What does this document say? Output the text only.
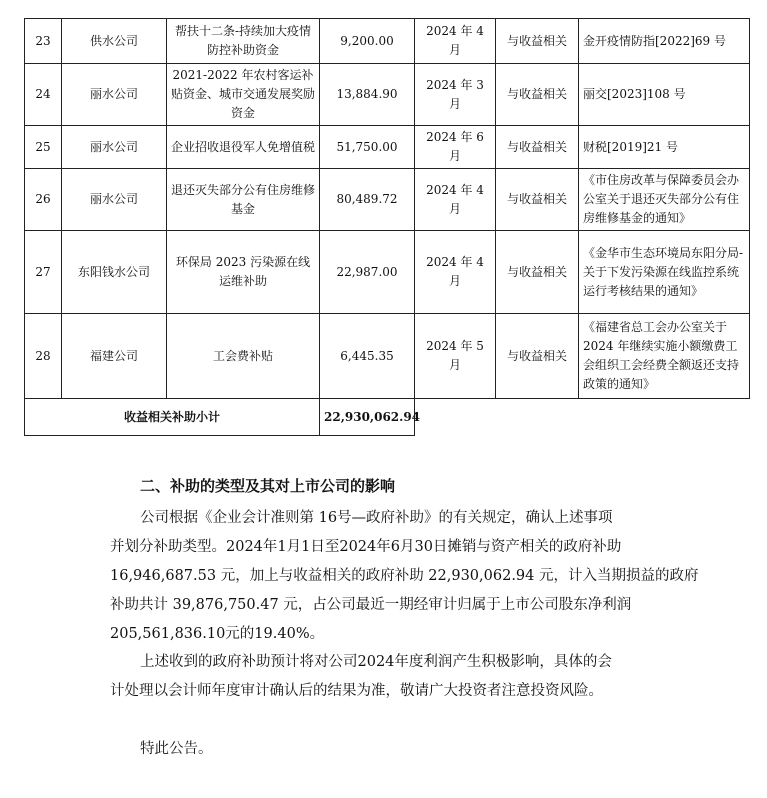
23	供水公司	帮扶十二条-持续加大疫情防控补助资金	9,200.00	2024 年 4 月	与收益相关	金开疫情防指[2022]69 号
24	丽水公司	2021-2022 年农村客运补贴资金、城市交通发展奖励资金	13,884.90	2024 年 3 月	与收益相关	丽交[2023]108 号
25	丽水公司	企业招收退役军人免增值税	51,750.00	2024 年 6 月	与收益相关	财税[2019]21 号
26	丽水公司	退还灭失部分公有住房维修基金	80,489.72	2024 年 4 月	与收益相关	《市住房改革与保障委员会办公室关于退还灭失部分公有住房维修基金的通知》
27	东阳钱水公司	环保局 2023 污染源在线运维补助	22,987.00	2024 年 4 月	与收益相关	《金华市生态环境局东阳分局-关于下发污染源在线监控系统运行考核结果的通知》
28	福建公司	工会费补贴	6,445.35	2024 年 5 月	与收益相关	《福建省总工会办公室关于 2024 年继续实施小额缴费工会组织工会经费全额返还支持政策的通知》
收益相关补助小计			22,930,062.94			
二、补助的类型及其对上市公司的影响

公司根据《企业会计准则第 16号—政府补助》的有关规定，确认上述事项
并划分补助类型。2024年1月1日至2024年6月30日摊销与资产相关的政府补助 16,946,687.53 元，加上与收益相关的政府补助 22,930,062.94 元，计入当期损益的政府补助共计 39,876,750.47 元，占公司最近一期经审计归属于上市公司股东净利润205,561,836.10元的19.40%。

上述收到的政府补助预计将对公司2024年度利润产生积极影响，具体的会
计处理以会计师年度审计确认后的结果为准，敬请广大投资者注意投资风险。

特此公告。
